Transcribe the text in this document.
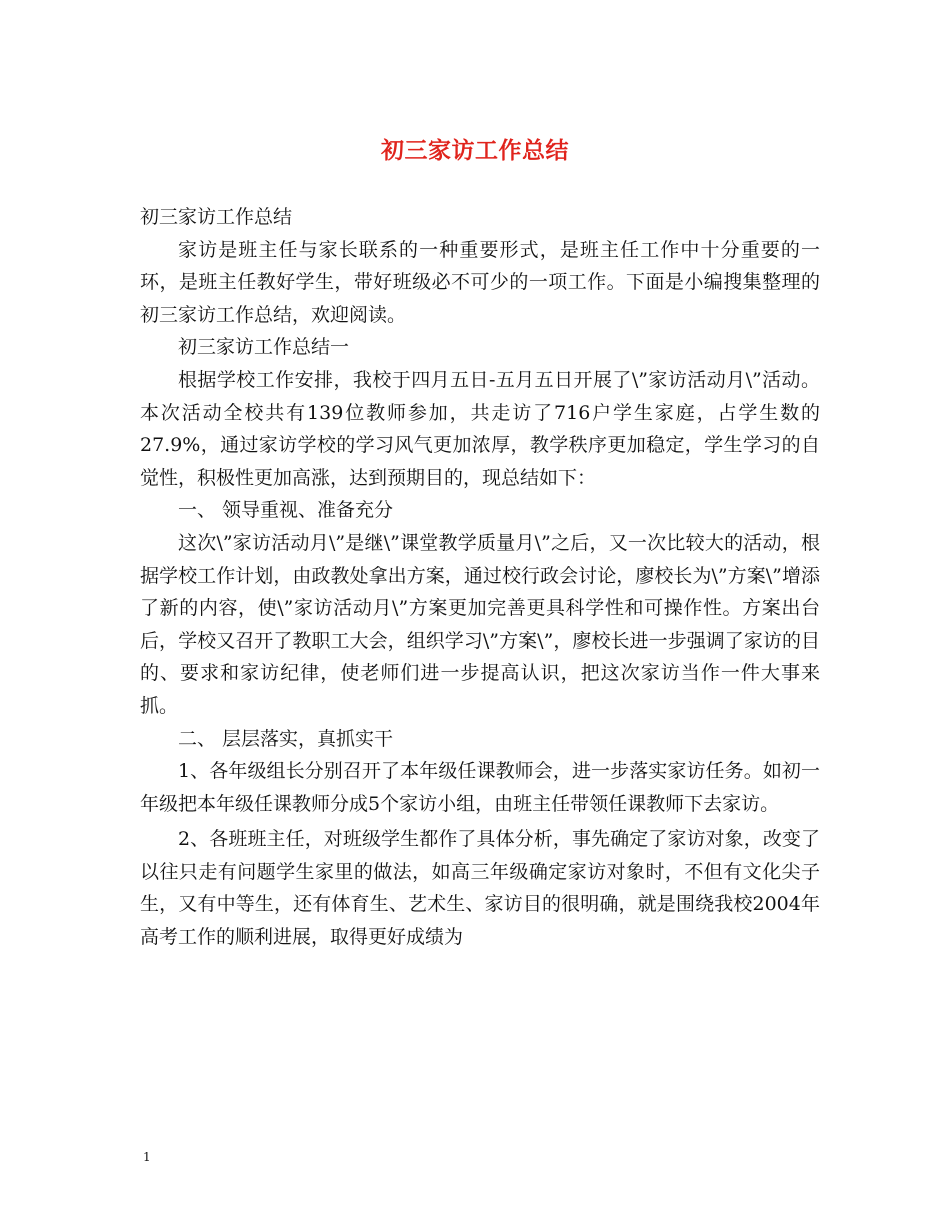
初三家访工作总结

初三家访工作总结

家访是班主任与家长联系的一种重要形式，是班主任工作中十分重要的一环，是班主任教好学生，带好班级必不可少的一项工作。下面是小编搜集整理的初三家访工作总结，欢迎阅读。

初三家访工作总结一

根据学校工作安排，我校于四月五日-五月五日开展了\”家访活动月\”活动。本次活动全校共有139位教师参加，共走访了716户学生家庭，占学生数的27.9%，通过家访学校的学习风气更加浓厚，教学秩序更加稳定，学生学习的自觉性，积极性更加高涨，达到预期目的，现总结如下：

一、 领导重视、准备充分

这次\”家访活动月\”是继\”课堂教学质量月\”之后，又一次比较大的活动，根据学校工作计划，由政教处拿出方案，通过校行政会讨论，廖校长为\”方案\”增添了新的内容，使\”家访活动月\”方案更加完善更具科学性和可操作性。方案出台后，学校又召开了教职工大会，组织学习\”方案\”，廖校长进一步强调了家访的目的、要求和家访纪律，使老师们进一步提高认识，把这次家访当作一件大事来抓。

二、 层层落实，真抓实干

1、各年级组长分别召开了本年级任课教师会，进一步落实家访任务。如初一年级把本年级任课教师分成5个家访小组，由班主任带领任课教师下去家访。

2、各班班主任，对班级学生都作了具体分析，事先确定了家访对象，改变了以往只走有问题学生家里的做法，如高三年级确定家访对象时，不但有文化尖子生，又有中等生，还有体育生、艺术生、家访目的很明确，就是围绕我校2004年高考工作的顺利进展，取得更好成绩为

1
